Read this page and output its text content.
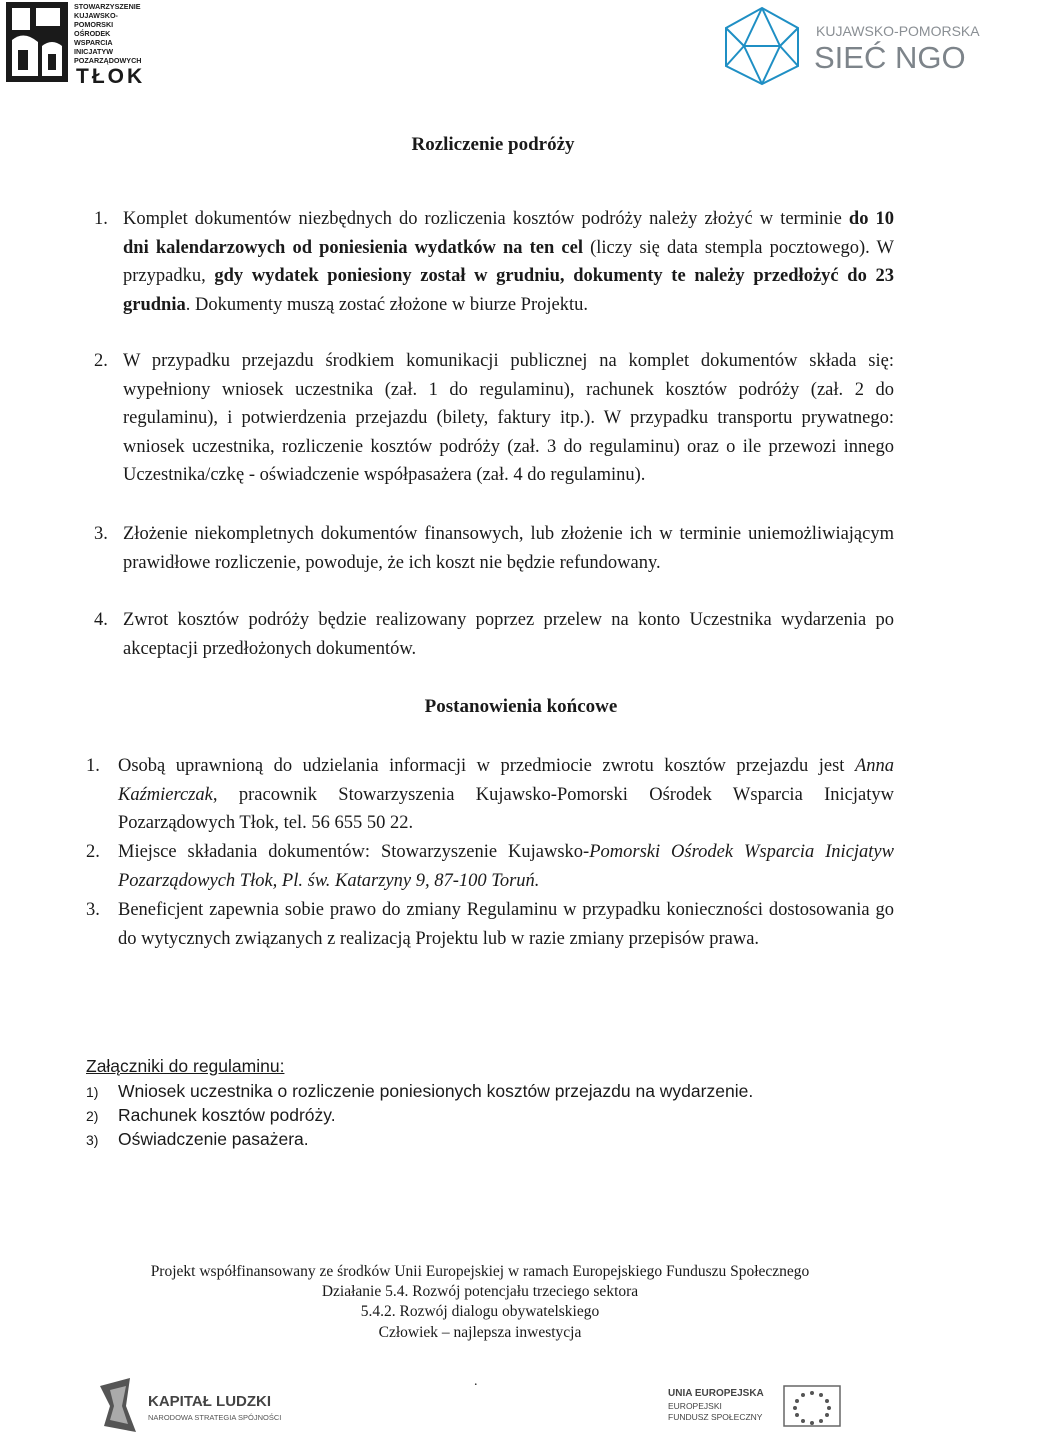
STOWARZYSZENIE
KUJAWSKO-
POMORSKI
OŚRODEK
WSPARCIA
INICJATYW
POZARZĄDOWYCH
TŁOK
KUJAWSKO-POMORSKA
SIEĆ NGO
Rozliczenie podróży
1. Komplet dokumentów niezbędnych do rozliczenia kosztów podróży należy złożyć w terminie do 10 dni kalendarzowych od poniesienia wydatków na ten cel (liczy się data stempla pocztowego). W przypadku, gdy wydatek poniesiony został w grudniu, dokumenty te należy przedłożyć do 23 grudnia. Dokumenty muszą zostać złożone w biurze Projektu.
2. W przypadku przejazdu środkiem komunikacji publicznej na komplet dokumentów składa się: wypełniony wniosek uczestnika (zał. 1 do regulaminu), rachunek kosztów podróży (zał. 2 do regulaminu), i potwierdzenia przejazdu (bilety, faktury itp.). W przypadku transportu prywatnego: wniosek uczestnika, rozliczenie kosztów podróży (zał. 3 do regulaminu) oraz o ile przewozi innego Uczestnika/czkę - oświadczenie współpasażera (zał. 4 do regulaminu).
3. Złożenie niekompletnych dokumentów finansowych, lub złożenie ich w terminie uniemożliwiającym prawidłowe rozliczenie, powoduje, że ich koszt nie będzie refundowany.
4. Zwrot kosztów podróży będzie realizowany poprzez przelew na konto Uczestnika wydarzenia po akceptacji przedłożonych dokumentów.
Postanowienia końcowe
1. Osobą uprawnioną do udzielania informacji w przedmiocie zwrotu kosztów przejazdu jest Anna Kaźmierczak, pracownik Stowarzyszenia Kujawsko-Pomorski Ośrodek Wsparcia Inicjatyw Pozarządowych Tłok, tel. 56 655 50 22.
2. Miejsce składania dokumentów: Stowarzyszenie Kujawsko-Pomorski Ośrodek Wsparcia Inicjatyw Pozarządowych Tłok, Pl. św. Katarzyny 9, 87-100 Toruń.
3. Beneficjent zapewnia sobie prawo do zmiany Regulaminu w przypadku konieczności dostosowania go do wytycznych związanych z realizacją Projektu lub w razie zmiany przepisów prawa.
Załączniki do regulaminu:
1) Wniosek uczestnika o rozliczenie poniesionych kosztów przejazdu na wydarzenie.
2) Rachunek kosztów podróży.
3) Oświadczenie pasażera.
Projekt współfinansowany ze środków Unii Europejskiej w ramach Europejskiego Funduszu Społecznego
Działanie 5.4. Rozwój potencjału trzeciego sektora
5.4.2. Rozwój dialogu obywatelskiego
Człowiek – najlepsza inwestycja
.
KAPITAŁ LUDZKI
NARODOWA STRATEGIA SPÓJNOŚCI
UNIA EUROPEJSKA
EUROPEJSKI
FUNDUSZ SPOŁECZNY
